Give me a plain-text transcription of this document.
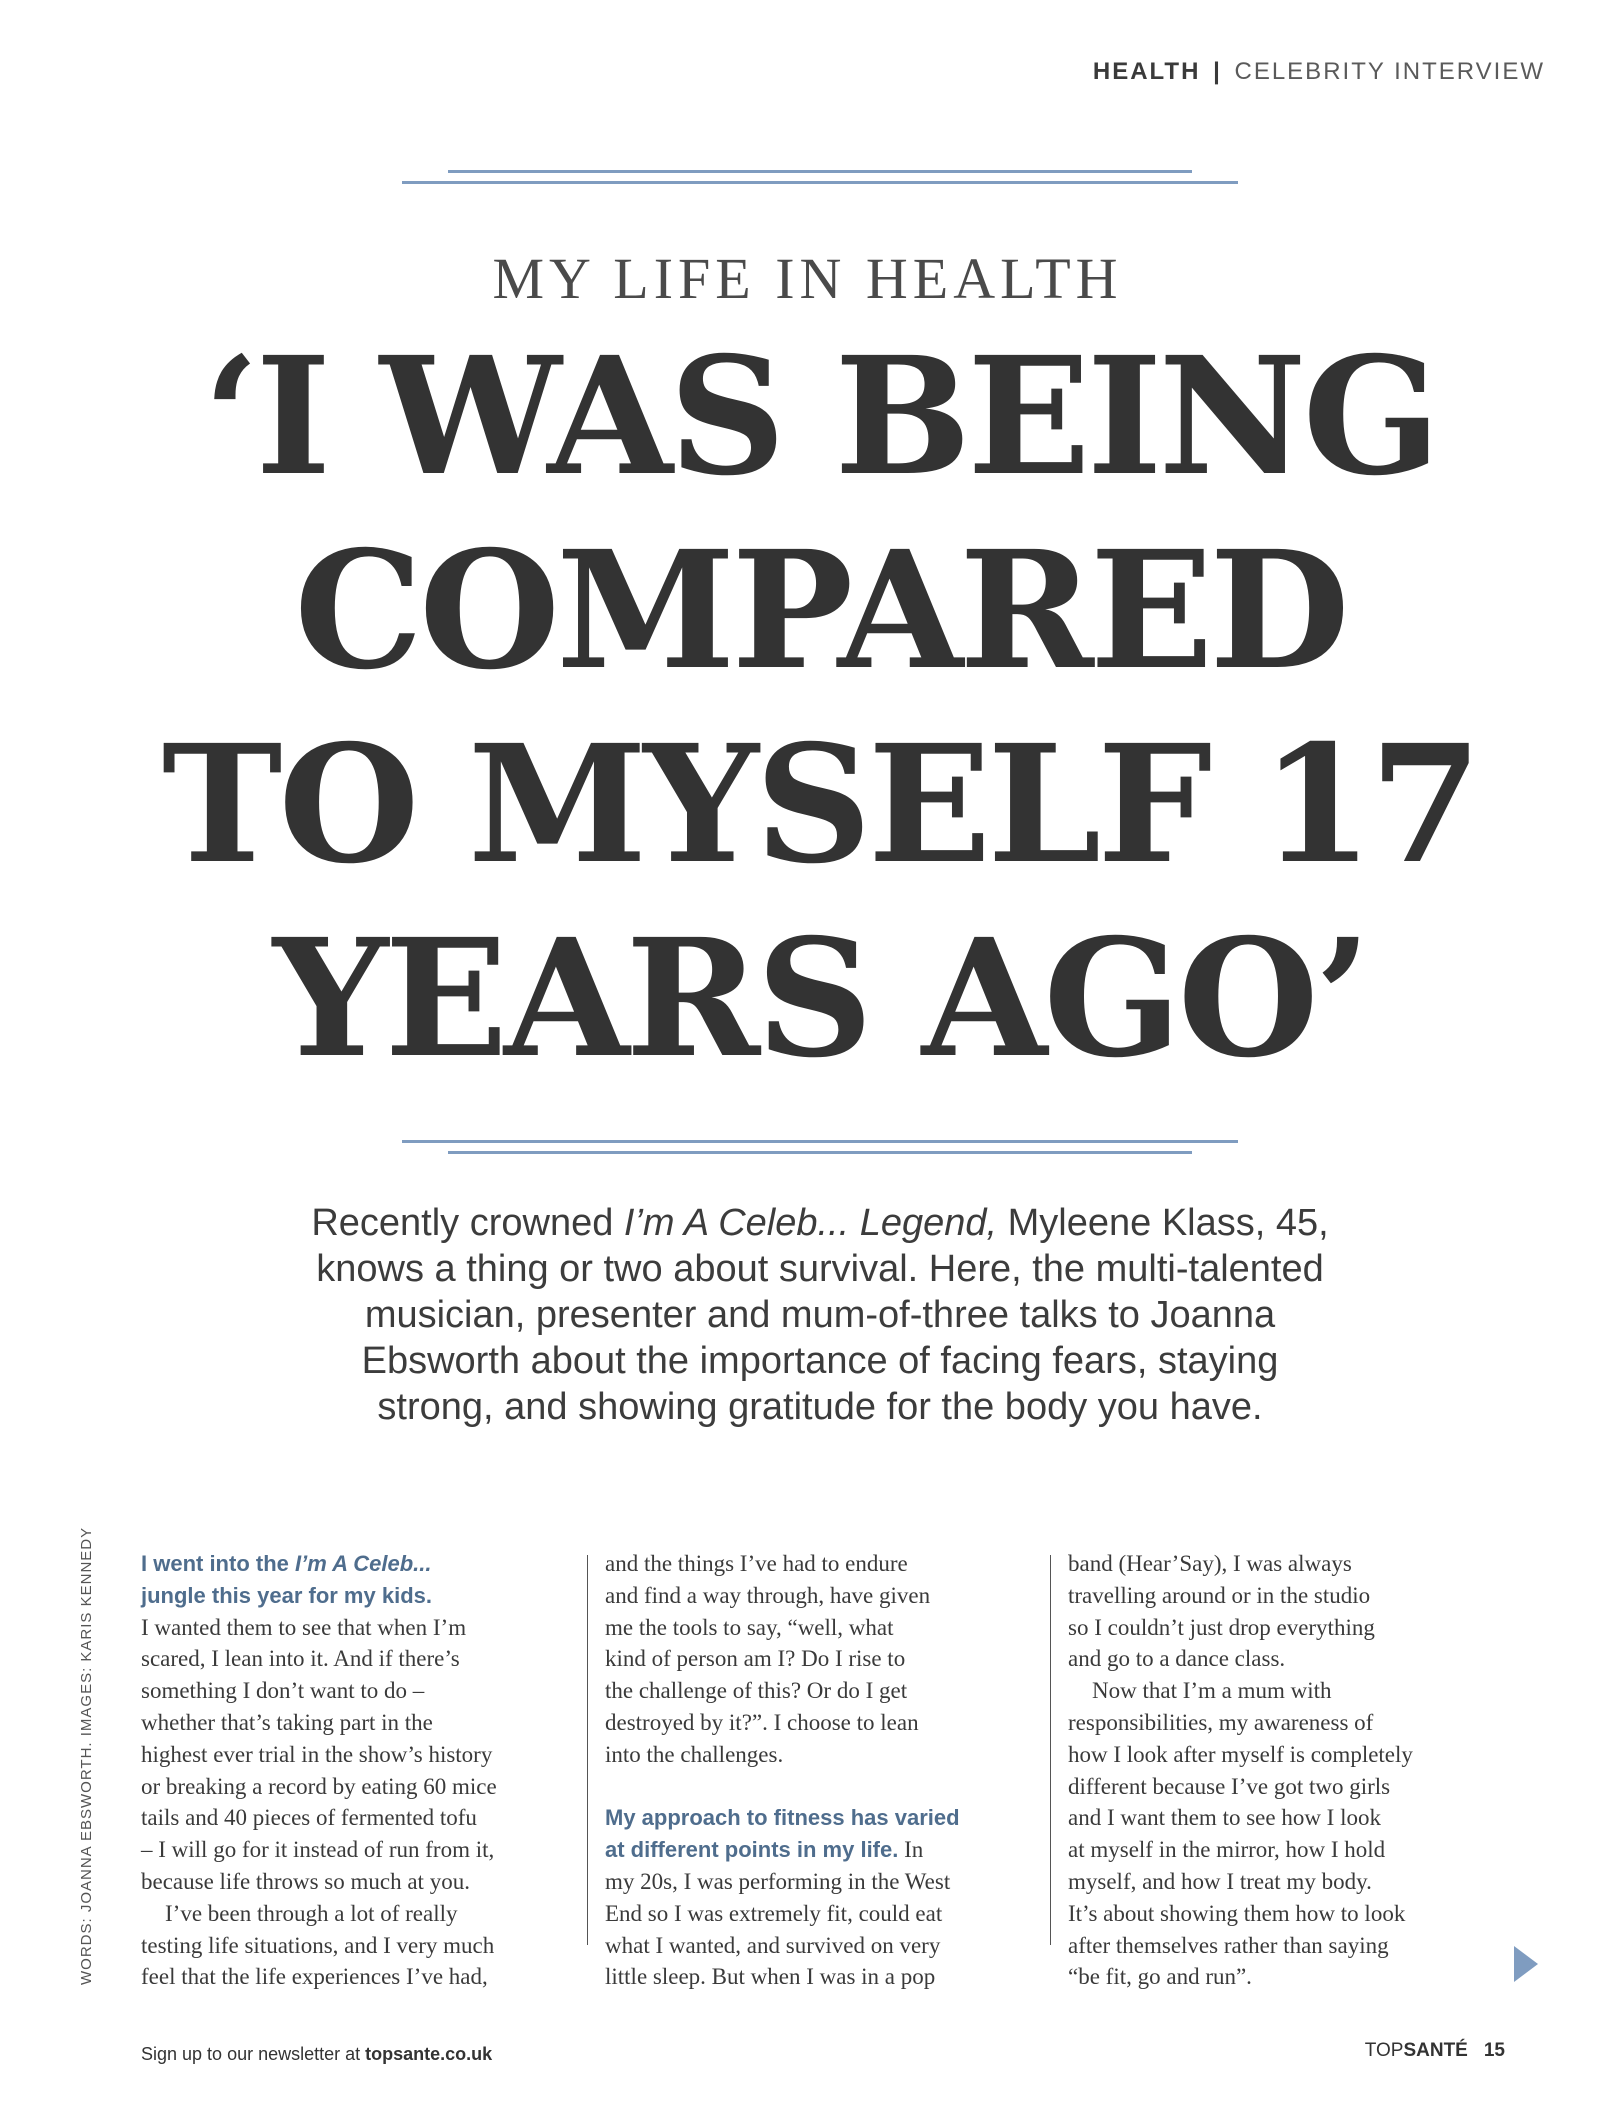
HEALTH | CELEBRITY INTERVIEW
MY LIFE IN HEALTH
‘I WAS BEING
COMPARED
TO MYSELF 17
YEARS AGO’
Recently crowned I’m A Celeb... Legend, Myleene Klass, 45,
knows a thing or two about survival. Here, the multi-talented
musician, presenter and mum-of-three talks to Joanna
Ebsworth about the importance of facing fears, staying
strong, and showing gratitude for the body you have.
WORDS: JOANNA EBSWORTH. IMAGES: KARIS KENNEDY I went into the I’m A Celeb...
jungle this year for my kids.

I wanted them to see that when I’m
scared, I lean into it. And if there’s
something I don’t want to do –
whether that’s taking part in the
highest ever trial in the show’s history
or breaking a record by eating 60 mice
tails and 40 pieces of fermented tofu
– I will go for it instead of run from it,
because life throws so much at you.

I’ve been through a lot of really
testing life situations, and I very much
feel that the life experiences I’ve had,

and the things I’ve had to endure
and find a way through, have given
me the tools to say, “well, what
kind of person am I? Do I rise to
the challenge of this? Or do I get
destroyed by it?”. I choose to lean
into the challenges.

My approach to fitness has varied
at different points in my life. In

my 20s, I was performing in the West
End so I was extremely fit, could eat
what I wanted, and survived on very
little sleep. But when I was in a pop

band (Hear’Say), I was always
travelling around or in the studio
so I couldn’t just drop everything
and go to a dance class.

Now that I’m a mum with
responsibilities, my awareness of
how I look after myself is completely
different because I’ve got two girls
and I want them to see how I look
at myself in the mirror, how I hold
myself, and how I treat my body.
It’s about showing them how to look
after themselves rather than saying
“be fit, go and run”.

Sign up to our newsletter at topsante.co.uk	TOPSANTÉ 15
